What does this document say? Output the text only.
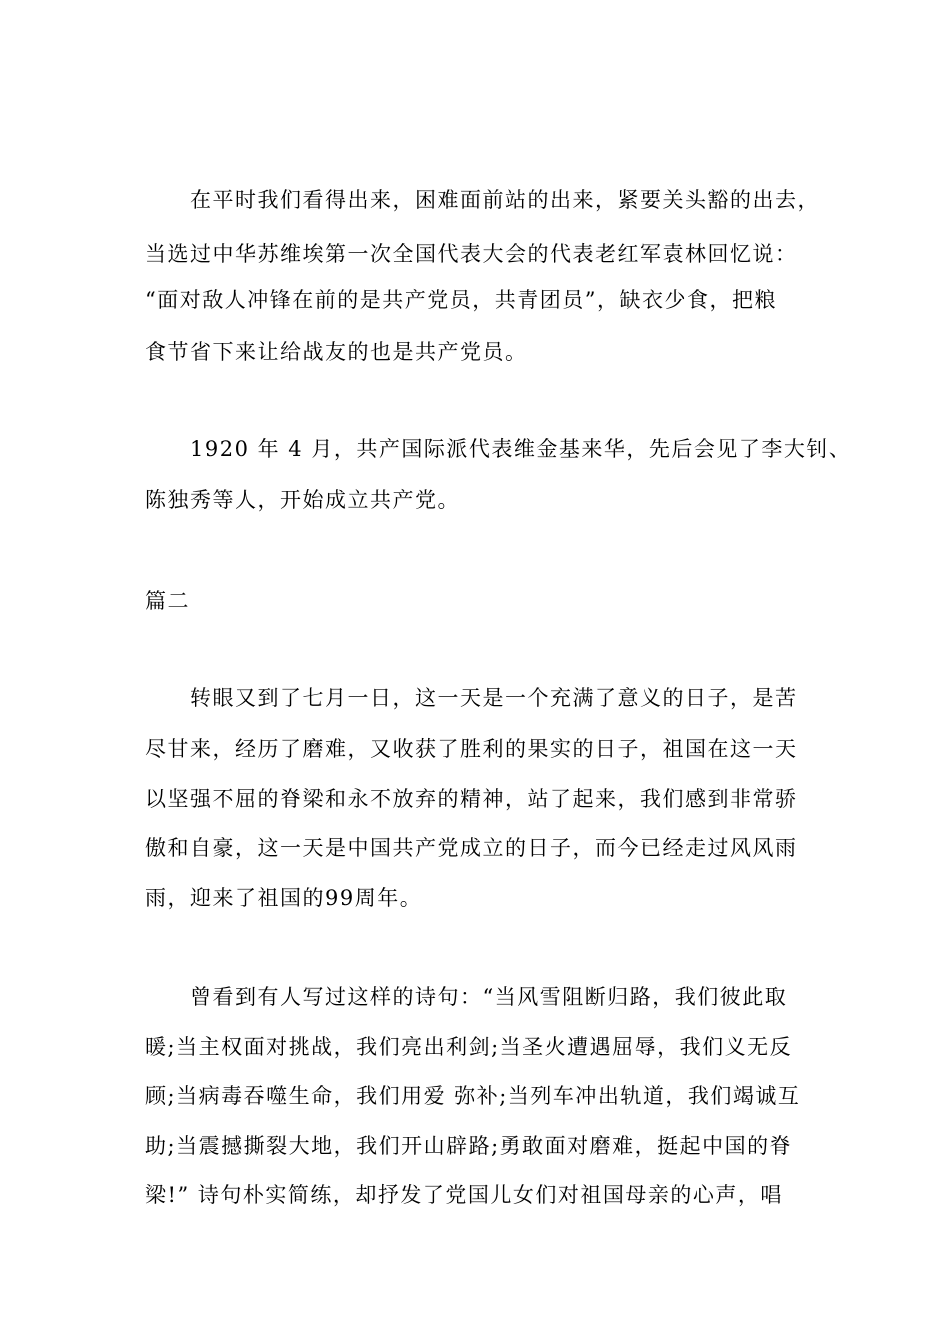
在平时我们看得出来，困难面前站的出来，紧要关头豁的出去，
当选过中华苏维埃第一次全国代表大会的代表老红军袁林回忆说：
“面对敌人冲锋在前的是共产党员，共青团员”，缺衣少食，把粮
食节省下来让给战友的也是共产党员。
1920 年 4 月，共产国际派代表维金基来华，先后会见了李大钊、
陈独秀等人，开始成立共产党。
篇二
转眼又到了七月一日，这一天是一个充满了意义的日子，是苦
尽甘来，经历了磨难，又收获了胜利的果实的日子，祖国在这一天
以坚强不屈的脊梁和永不放弃的精神，站了起来，我们感到非常骄
傲和自豪，这一天是中国共产党成立的日子，而今已经走过风风雨
雨，迎来了祖国的99周年。
曾看到有人写过这样的诗句：“当风雪阻断归路，我们彼此取
暖;当主权面对挑战，我们亮出利剑;当圣火遭遇屈辱，我们义无反
顾;当病毒吞噬生命，我们用爱 弥补;当列车冲出轨道，我们竭诚互
助;当震撼撕裂大地，我们开山辟路;勇敢面对磨难，挺起中国的脊
梁!” 诗句朴实简练，却抒发了党国儿女们对祖国母亲的心声，唱
